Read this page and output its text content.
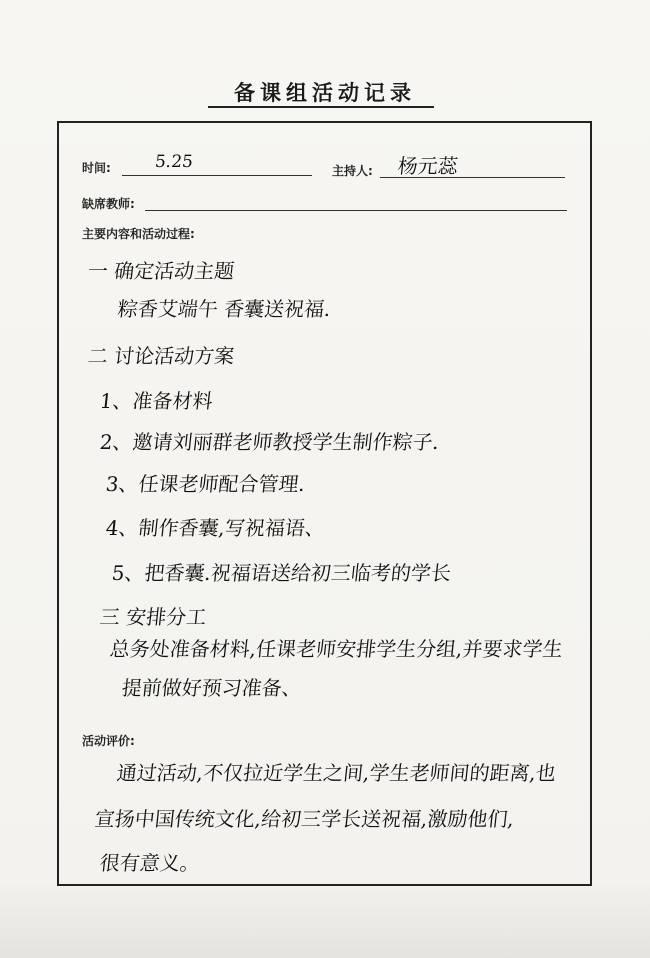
备课组活动记录
时间:	5.25	主持人: 杨元蕊
缺席教师:
主要内容和活动过程:
一 确定活动主题
粽香艾端午 香囊送祝福.
二 讨论活动方案
1、准备材料
2、邀请刘丽群老师教授学生制作粽子.
3、任课老师配合管理.
4、制作香囊,写祝福语、
5、把香囊.祝福语送给初三临考的学长
三 安排分工
总务处准备材料,任课老师安排学生分组,并要求学生
提前做好预习准备、
活动评价:
通过活动,不仅拉近学生之间,学生老师间的距离,也
宣扬中国传统文化,给初三学长送祝福,激励他们,
很有意义。
